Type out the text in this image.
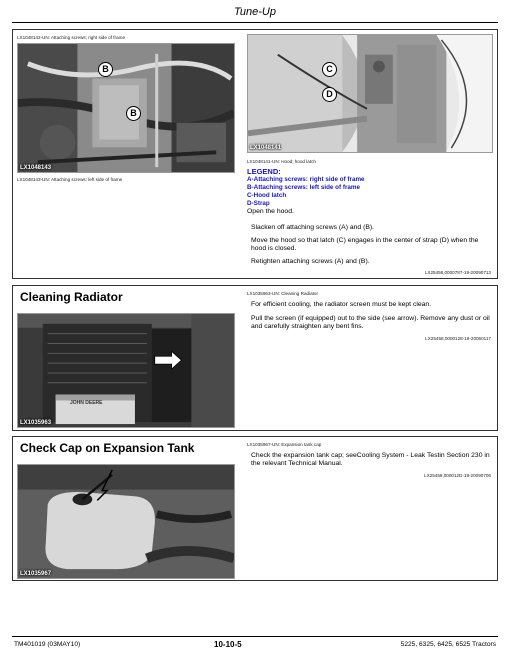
Tune-Up
LX1048142-UN: Attaching screws; right side of frame
B
B
LX1048143
LX1048143-UN: Attaching screws; left side of frame
C
D
LX1048141
LX1048141-UN: Hood; hood latch
LEGEND:
A-Attaching screws: right side of frame
B-Attaching screws: left side of frame
C-Hood latch
D-Strap
Open the hood.
Slacken off attaching screws (A) and (B).
Move the hood so that latch (C) engages in the center of strap (D) when the hood is closed.
Retighten attaching screws (A) and (B).
LX25458,0000787-19-20090713
Cleaning Radiator
JOHN DEERE
LX1035963
LX1035963-UN: Cleaning Radiator
For efficient cooling, the radiator screen must be kept clean.
Pull the screen (if equipped) out to the side (see arrow). Remove any dust or oil and carefully straighten any bent fins.
LX25458,0000128-19-20060117
Check Cap on Expansion Tank
LX1035967
LX1035967-UN: Expansion tank cap
Check the expansion tank cap; seeCooling System - Leak Testin Section 230 in the relevant Technical Manual.
LX25458,000012D-19-20090706
TM401019 (03MAY10)	10-10-5	5225, 6325, 6425, 6525 Tractors
